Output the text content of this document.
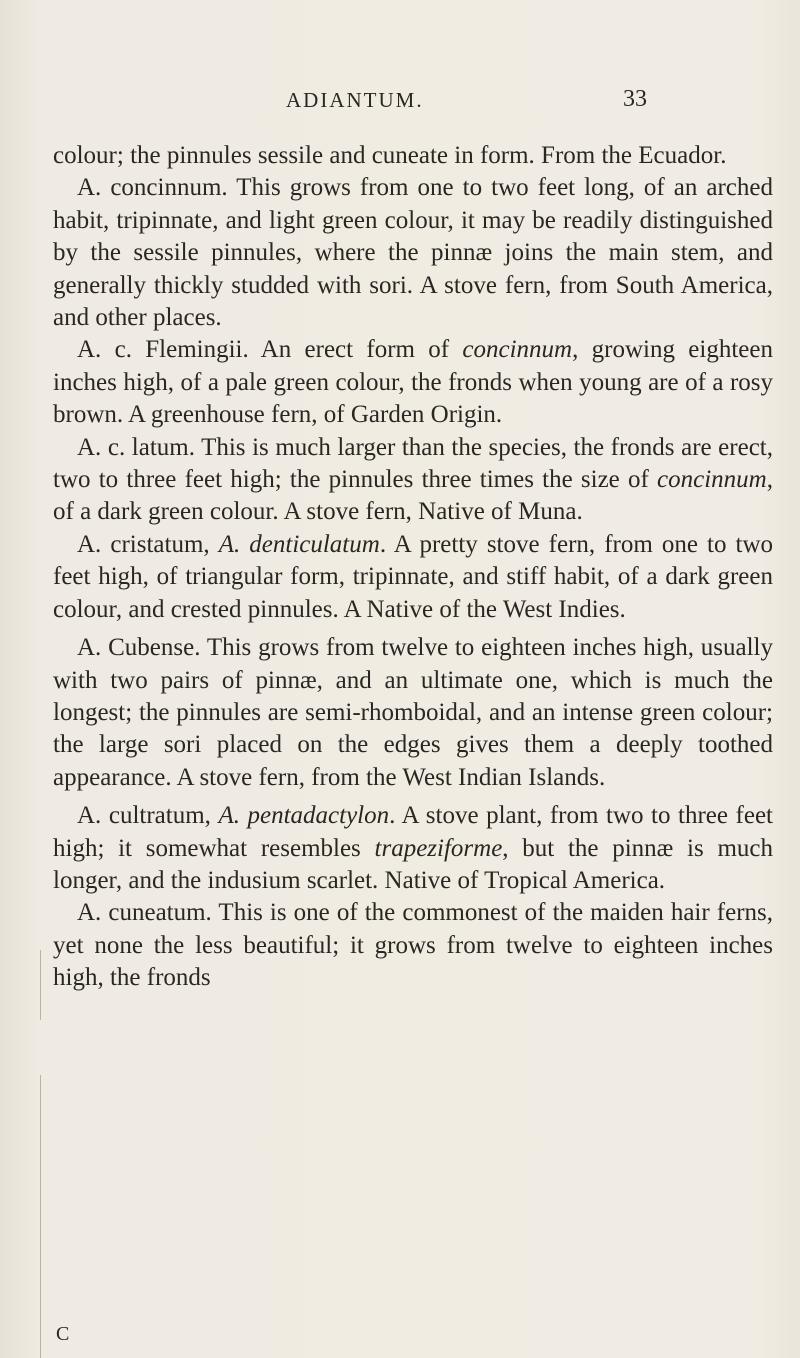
ADIANTUM.	33

colour; the pinnules sessile and cuneate in form. From the Ecuador.

A. concinnum. This grows from one to two feet long, of an arched habit, tripinnate, and light green colour, it may be readily distinguished by the sessile pinnules, where the pinnæ joins the main stem, and generally thickly studded with sori. A stove fern, from South America, and other places.

A. c. Flemingii. An erect form of concinnum, growing eighteen inches high, of a pale green colour, the fronds when young are of a rosy brown. A greenhouse fern, of Garden Origin.

A. c. latum. This is much larger than the species, the fronds are erect, two to three feet high; the pinnules three times the size of concinnum, of a dark green colour. A stove fern, Native of Muna.

A. cristatum, A. denticulatum. A pretty stove fern, from one to two feet high, of triangular form, tripinnate, and stiff habit, of a dark green colour, and crested pinnules. A Native of the West Indies.

A. Cubense. This grows from twelve to eighteen inches high, usually with two pairs of pinnæ, and an ultimate one, which is much the longest; the pinnules are semi-rhomboidal, and an intense green colour; the large sori placed on the edges gives them a deeply toothed appearance. A stove fern, from the West Indian Islands.

A. cultratum, A. pentadactylon. A stove plant, from two to three feet high; it somewhat resembles trapeziforme, but the pinnæ is much longer, and the indusium scarlet. Native of Tropical America.

A. cuneatum. This is one of the commonest of the maiden hair ferns, yet none the less beautiful; it grows from twelve to eighteen inches high, the fronds

C
